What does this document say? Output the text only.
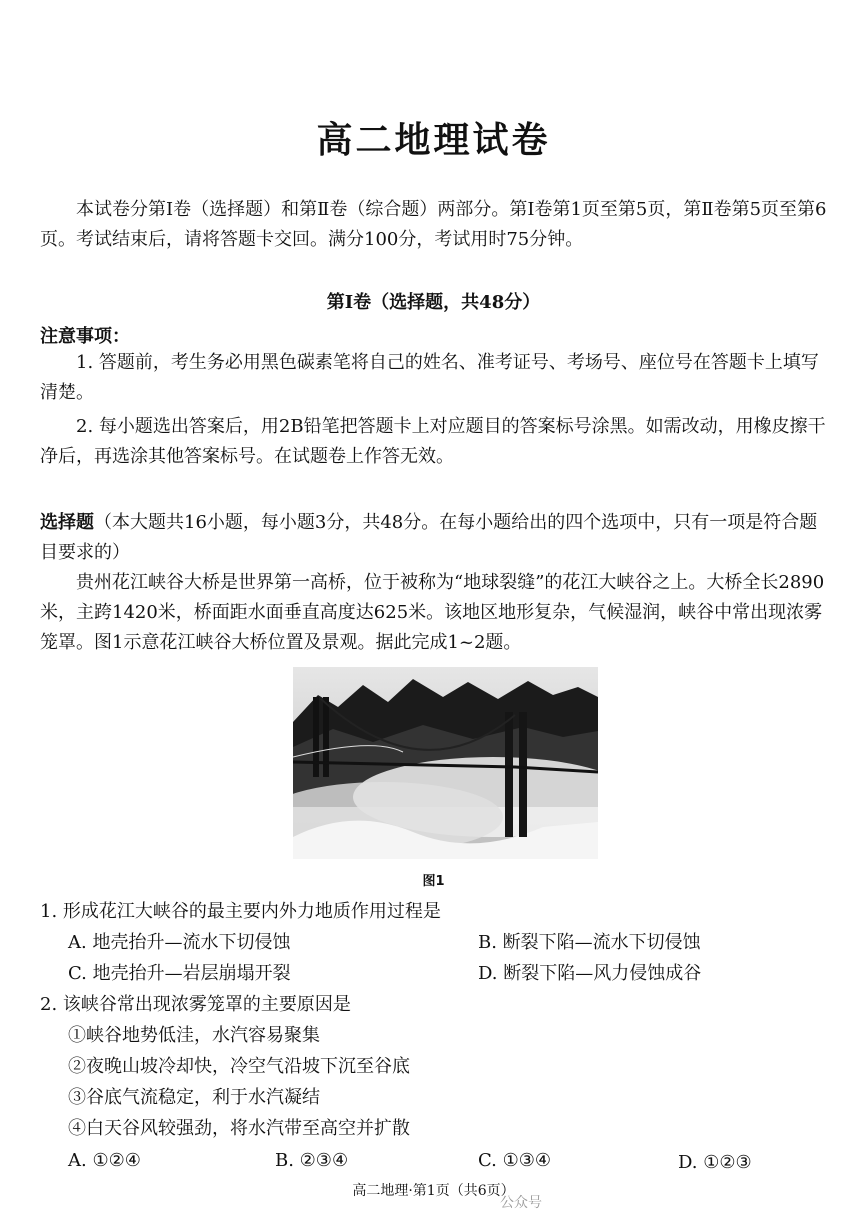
高二地理试卷
本试卷分第Ⅰ卷（选择题）和第Ⅱ卷（综合题）两部分。第Ⅰ卷第1页至第5页，第Ⅱ卷第5页至第6页。考试结束后，请将答题卡交回。满分100分，考试用时75分钟。
第Ⅰ卷（选择题，共48分）
注意事项：
1. 答题前，考生务必用黑色碳素笔将自己的姓名、准考证号、考场号、座位号在答题卡上填写清楚。
2. 每小题选出答案后，用2B铅笔把答题卡上对应题目的答案标号涂黑。如需改动，用橡皮擦干净后，再选涂其他答案标号。在试题卷上作答无效。
选择题（本大题共16小题，每小题3分，共48分。在每小题给出的四个选项中，只有一项是符合题目要求的）
贵州花江峡谷大桥是世界第一高桥，位于被称为“地球裂缝”的花江大峡谷之上。大桥全长2890米，主跨1420米，桥面距水面垂直高度达625米。该地区地形复杂，气候湿润，峡谷中常出现浓雾笼罩。图1示意花江峡谷大桥位置及景观。据此完成1~2题。
图1
1. 形成花江大峡谷的最主要内外力地质作用过程是
A. 地壳抬升—流水下切侵蚀	B. 断裂下陷—流水下切侵蚀
C. 地壳抬升—岩层崩塌开裂	D. 断裂下陷—风力侵蚀成谷
2. 该峡谷常出现浓雾笼罩的主要原因是
①峡谷地势低洼，水汽容易聚集
②夜晚山坡冷却快，冷空气沿坡下沉至谷底
③谷底气流稳定，利于水汽凝结
④白天谷风较强劲，将水汽带至高空并扩散
A. ①②④	B. ②③④	C. ①③④	D. ①②③
高二地理·第1页（共6页）
公众号
